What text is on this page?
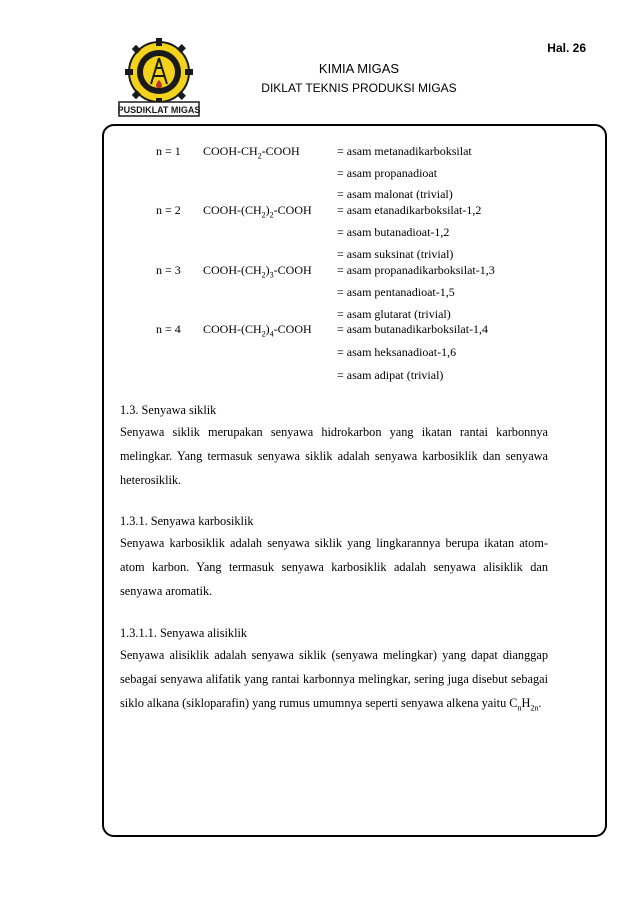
Hal. 26
PUSDIKLAT MIGAS
KIMIA MIGAS
DIKLAT TEKNIS PRODUKSI MIGAS
n = 1 COOH-$CH_2$-COOH	= asam metanadikarboksilat
= asam propanadioat
= asam malonat (trivial)
n = 2 COOH-$(CH_2)_2$-COOH = asam etanadikarboksilat-1,2
= asam butanadioat-1,2
= asam suksinat (trivial)
n = 3 COOH-$(CH_2)_3$-COOH = asam propanadikarboksilat-1,3
= asam pentanadioat-1,5
= asam glutarat (trivial)
n = 4 COOH-$(CH_2)_4$-COOH = asam butanadikarboksilat-1,4
= asam heksanadioat-1,6
= asam adipat (trivial)
1.3. Senyawa siklik
Senyawa siklik merupakan senyawa hidrokarbon yang ikatan rantai karbonnya melingkar. Yang termasuk senyawa siklik adalah senyawa karbosiklik dan senyawa heterosiklik.
1.3.1. Senyawa karbosiklik
Senyawa karbosiklik adalah senyawa siklik yang lingkarannya berupa ikatan atom-atom karbon. Yang termasuk senyawa karbosiklik adalah senyawa alisiklik dan senyawa aromatik.
1.3.1.1. Senyawa alisiklik
Senyawa alisiklik adalah senyawa siklik (senyawa melingkar) yang dapat dianggap sebagai senyawa alifatik yang rantai karbonnya melingkar, sering juga disebut sebagai siklo alkana (sikloparafin) yang rumus umumnya seperti senyawa alkena yaitu $C_nH_{2n}$.
